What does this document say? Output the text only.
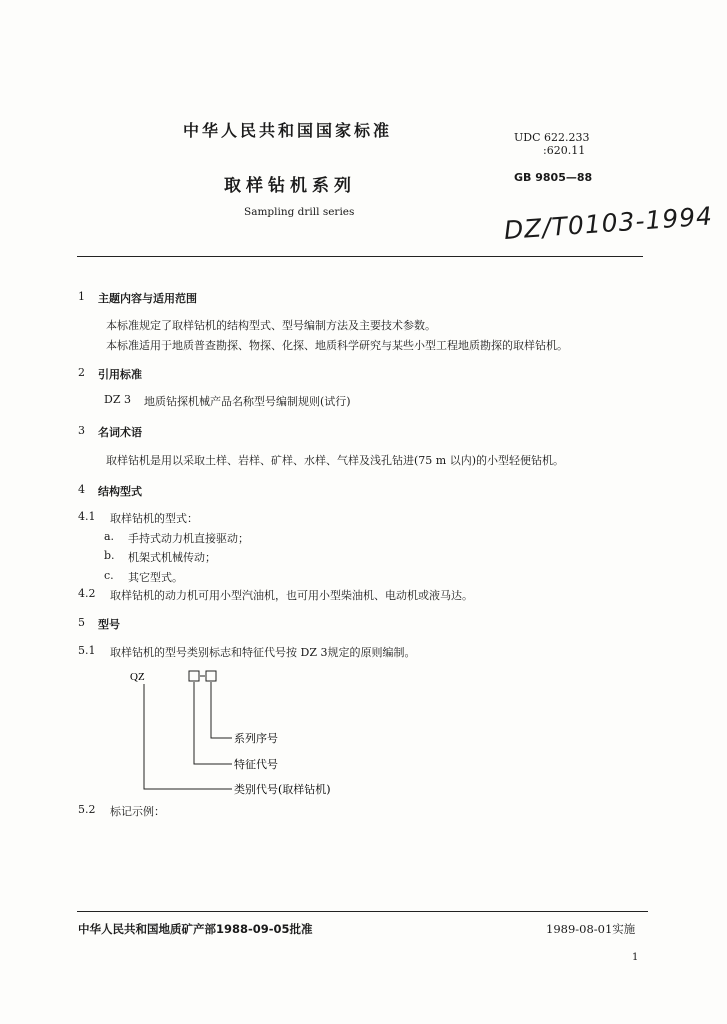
中华人民共和国国家标准
取样钻机系列
Sampling drill series
UDC 622.233
:620.11
GB 9805—88
DZ/T0103-1994
1 主题内容与适用范围
本标准规定了取样钻机的结构型式、型号编制方法及主要技术参数。
本标准适用于地质普查勘探、物探、化探、地质科学研究与某些小型工程地质勘探的取样钻机。
2 引用标准
DZ 3 地质钻探机械产品名称型号编制规则(试行)
3 名词术语
取样钻机是用以采取土样、岩样、矿样、水样、气样及浅孔钻进(75 m 以内)的小型轻便钻机。
4 结构型式
4.1 取样钻机的型式：
a. 手持式动力机直接驱动；
b. 机架式机械传动；
c. 其它型式。
4.2 取样钻机的动力机可用小型汽油机，也可用小型柴油机、电动机或液马达。
5 型号
5.1 取样钻机的型号类别标志和特征代号按 DZ 3规定的原则编制。
QZ
系列序号
特征代号
类别代号(取样钻机)
5.2 标记示例：
中华人民共和国地质矿产部1988-09-05批准	1989-08-01实施
1
